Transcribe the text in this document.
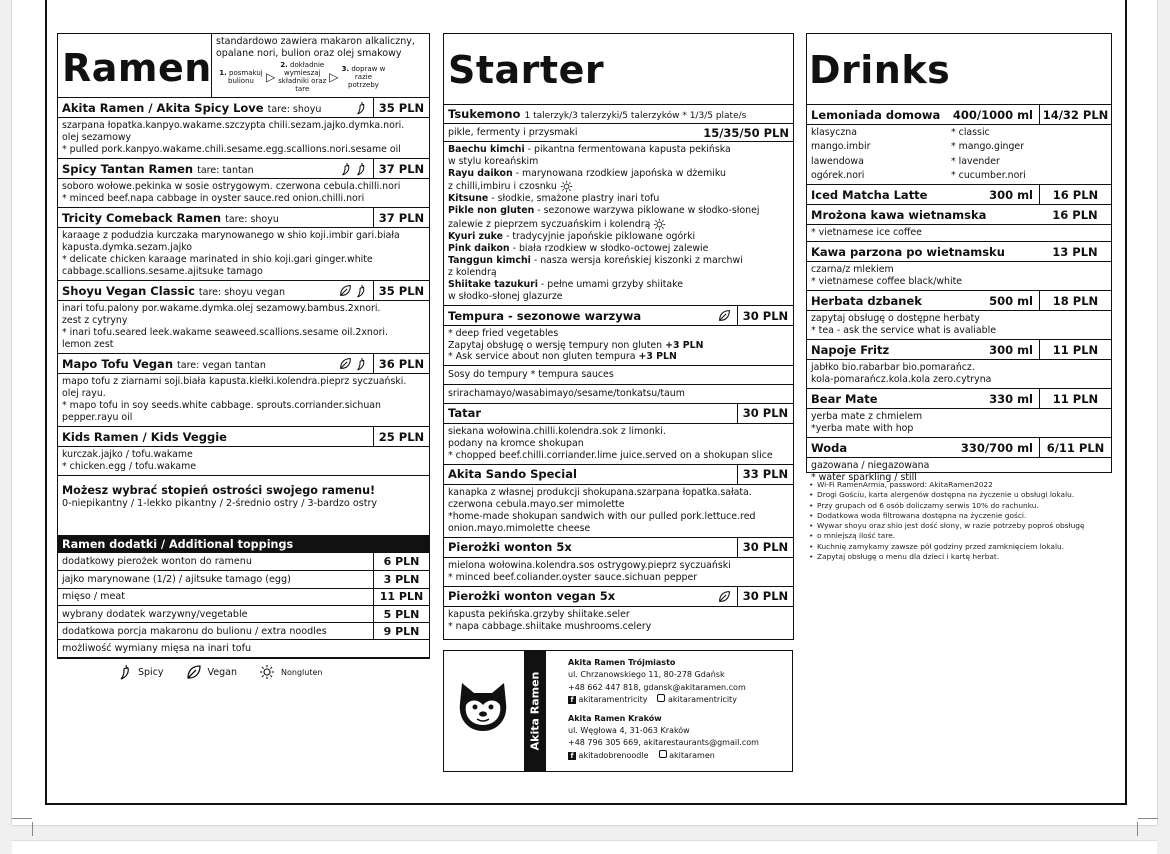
Ramen
standardowo zawiera makaron alkaliczny, opalane nori, bulion oraz olej smakowy
1. posmakuj bulionu	▷
2. dokładnie wymieszaj składniki oraz tare
▷
3. dopraw w razie potrzeby
Akita Ramen / Akita Spicy Love tare: shoyu	35 PLN
szarpana łopatka.kanpyo.wakame.szczypta chili.sezam.jajko.dymka.nori.
olej sezamowy
* pulled pork.kanpyo.wakame.chili.sesame.egg.scallions.nori.sesame oil
Spicy Tantan Ramen tare: tantan	37 PLN
soboro wołowe.pekinka w sosie ostrygowym. czerwona cebula.chilli.nori
* minced beef.napa cabbage in oyster sauce.red onion.chilli.nori
Tricity Comeback Ramen tare: shoyu	37 PLN
karaage z podudzia kurczaka marynowanego w shio koji.imbir gari.biała
kapusta.dymka.sezam.jajko
* delicate chicken karaage marinated in shio koji.gari ginger.white
cabbage.scallions.sesame.ajitsuke tamago
Shoyu Vegan Classic tare: shoyu vegan	35 PLN
inari tofu.palony por.wakame.dymka.olej sezamowy.bambus.2xnori.
zest z cytryny
* inari tofu.seared leek.wakame seaweed.scallions.sesame oil.2xnori.
lemon zest
Mapo Tofu Vegan tare: vegan tantan	36 PLN
mapo tofu z ziarnami soji.biała kapusta.kiełki.kolendra.pieprz syczuański.
olej rayu.
* mapo tofu in soy seeds.white cabbage. sprouts.corriander.sichuan
pepper.rayu oil
Kids Ramen / Kids Veggie	25 PLN
kurczak.jajko / tofu.wakame
* chicken.egg / tofu.wakame
Możesz wybrać stopień ostrości swojego ramenu!
0-niepikantny / 1-lekko pikantny / 2-średnio ostry / 3-bardzo ostry
Ramen dodatki / Additional toppings
dodatkowy pierożek wonton do ramenu	6 PLN
jajko marynowane (1/2) / ajitsuke tamago (egg)	3 PLN
mięso / meat	11 PLN
wybrany dodatek warzywny/vegetable	5 PLN
dodatkowa porcja makaronu do bulionu / extra noodles	9 PLN
możliwość wymiany mięsa na inari tofu
Spicy	Vegan	Nongluten
Starter
Tsukemono 1 talerzyk/3 talerzyki/5 talerzyków * 1/3/5 plate/s
pikle, fermenty i przysmaki	15/35/50 PLN
Baechu kimchi - pikantna fermentowana kapusta pekińska
w stylu koreańskim
Rayu daikon - marynowana rzodkiew japońska w dżemiku
z chilli,imbiru i czosnku
Kitsune - słodkie, smażone plastry inari tofu
Pikle non gluten - sezonowe warzywa piklowane w słodko-słonej
zalewie z pieprzem syczuańskim i kolendrą
Kyuri zuke - tradycyjnie japońskie piklowane ogórki
Pink daikon - biała rzodkiew w słodko-octowej zalewie
Tanggun kimchi - nasza wersja koreńskiej kiszonki z marchwi
z kolendrą
Shiitake tazukuri - pełne umami grzyby shiitake
w słodko-słonej glazurze
Tempura - sezonowe warzywa	30 PLN
* deep fried vegetables
Zapytaj obsługę o wersję tempury non gluten +3 PLN
* Ask service about non gluten tempura +3 PLN
Sosy do tempury * tempura sauces
srirachamayo/wasabimayo/sesame/tonkatsu/taum
Tatar	30 PLN
siekana wołowina.chilli.kolendra.sok z limonki.
podany na kromce shokupan
* chopped beef.chilli.corriander.lime juice.served on a shokupan slice
Akita Sando Special	33 PLN
kanapka z własnej produkcji shokupana.szarpana łopatka.sałata.
czerwona cebula.mayo.ser mimolette
*home-made shokupan sandwich with our pulled pork.lettuce.red
onion.mayo.mimolette cheese
Pierożki wonton 5x	30 PLN
mielona wołowina.kolendra.sos ostrygowy.pieprz syczuański
* minced beef.coliander.oyster sauce.sichuan pepper
Pierożki wonton vegan 5x	30 PLN
kapusta pekińska.grzyby shiitake.seler
* napa cabbage.shiitake mushrooms.celery
Akita Ramen
Akita Ramen Trójmiasto
ul. Chrzanowskiego 11, 80-278 Gdańsk
+48 662 447 818, gdansk@akitaramen.com
f akitaramentricity	akitaramentricity
Akita Ramen Kraków
ul. Węgłowa 4, 31-063 Kraków
+48 796 305 669, akitarestaurants@gmail.com
f akitadobrenoodle	akitaramen
Drinks
Lemoniada domowa	400/1000 ml 14/32 PLN
klasyczna	* classic
mango.imbir	* mango.ginger
lawendowa	* lavender
ogórek.nori	* cucumber.nori
Iced Matcha Latte	300 ml	16 PLN
Mrożona kawa wietnamska	16 PLN
* vietnamese ice coffee
Kawa parzona po wietnamsku	13 PLN
czarna/z mlekiem
* vietnamese coffee black/white
Herbata dzbanek	500 ml	18 PLN
zapytaj obsługę o dostępne herbaty
* tea - ask the service what is avaliable
Napoje Fritz	300 ml	11 PLN
jabłko bio.rabarbar bio.pomarańcz.
kola-pomarańcz.kola.kola zero.cytryna
Bear Mate	330 ml	11 PLN
yerba mate z chmielem
*yerba mate with hop
Woda	330/700 ml	6/11 PLN
gazowana / niegazowana
* water sparkling / still
• Wi-Fi RamenArmia, password: AkitaRamen2022
• Drogi Gościu, karta alergenów dostępna na życzenie u obsługi lokalu.
• Przy grupach od 6 osób doliczamy serwis 10% do rachunku.
• Dodatkowa woda filtrowana dostępna na życzenie gości.
• Wywar shoyu oraz shio jest dość słony, w razie potrzeby poproś obsługę
• o mniejszą ilość tare.
• Kuchnię zamykamy zawsze pół godziny przed zamknięciem lokalu.
• Zapytaj obsługę o menu dla dzieci i kartę herbat.
